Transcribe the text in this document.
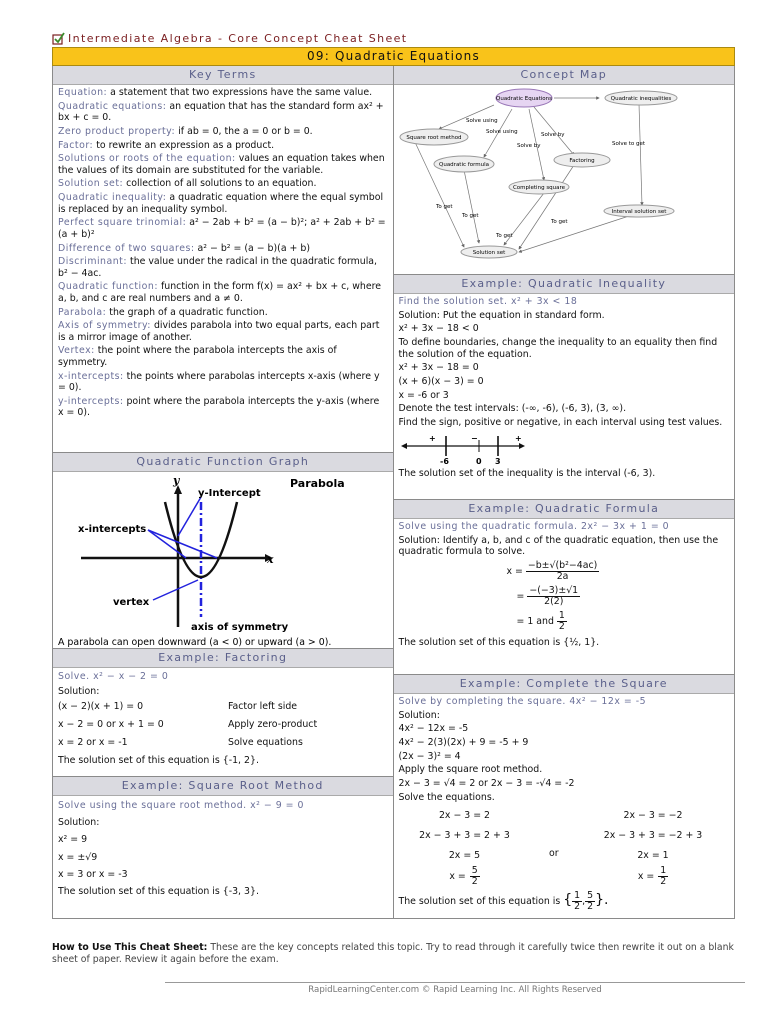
Intermediate Algebra - Core Concept Cheat Sheet
09: Quadratic Equations
Key Terms

Equation: a statement that two expressions have the same value.

Quadratic equations: an equation that has the standard form ax² + bx + c = 0.

Zero product property: if ab = 0, the a = 0 or b = 0.

Factor: to rewrite an expression as a product.

Solutions or roots of the equation: values an equation takes when the values of its domain are substituted for the variable.

Solution set: collection of all solutions to an equation.

Quadratic inequality: a quadratic equation where the equal symbol is replaced by an inequality symbol.

Perfect square trinomial: a² − 2ab + b² = (a − b)²; a² + 2ab + b² = (a + b)²

Difference of two squares: a² − b² = (a − b)(a + b)

Discriminant: the value under the radical in the quadratic formula, b² − 4ac.

Quadratic function: function in the form f(x) = ax² + bx + c, where a, b, and c are real numbers and a ≠ 0.

Parabola: the graph of a quadratic function.

Axis of symmetry: divides parabola into two equal parts, each part is a mirror image of another.

Vertex: the point where the parabola intercepts the axis of symmetry.

x-intercepts: the points where parabolas intercepts x-axis (where y = 0).

y-intercepts: point where the parabola intercepts the y-axis (where x = 0).

Quadratic Function Graph
Parabola
x
y
y-Intercept
x-intercepts
vertex
axis of symmetry
A parabola can open downward (a < 0) or upward (a > 0).
Example: Factoring

Solve. x² − x − 2 = 0

Solution:

(x − 2)(x + 1) = 0	Factor left side
x − 2 = 0 or x + 1 = 0	Apply zero-product
x = 2 or x = -1	Solve equations

The solution set of this equation is {-1, 2}.

Example: Square Root Method

Solve using the square root method. x² − 9 = 0

Solution:

x² = 9

x = ±√9

x = 3 or x = -3

The solution set of this equation is {-3, 3}.

Concept Map
Quadratic Equations	Quadratic inequalities
Square root method
Quadratic formula
Factoring
Completing square
Interval solution set
Solution set
Solve using
Solve using	Solve by
Solve by	Solve to get
To get
To get
To get
To get
Example: Quadratic Inequality

Find the solution set. x² + 3x < 18

Solution: Put the equation in standard form.

x² + 3x − 18 < 0

To define boundaries, change the inequality to an equality then find the solution of the equation.

x² + 3x − 18 = 0

(x + 6)(x − 3) = 0

x = -6 or 3

Denote the test intervals: (-∞, -6), (-6, 3), (3, ∞).

Find the sign, positive or negative, in each interval using test values.

+	−	+
-6	0 3

The solution set of the inequality is the interval (-6, 3).

Example: Quadratic Formula

Solve using the quadratic formula. 2x² − 3x + 1 = 0

Solution: Identify a, b, and c of the quadratic equation, then use the quadratic formula to solve.

$x = \frac{\text{−b±√(b²−4ac)}}{2a}$
= $\frac{-(-3)\pm√1}{2(2)}$
= 1 and $\frac{1}{2}$

The solution set of this equation is {½, 1}.

Example: Complete the Square

Solve by completing the square. 4x² − 12x = -5

Solution:

4x² − 12x = -5

4x² − 2(3)(2x) + 9 = -5 + 9

(2x − 3)² = 4

Apply the square root method.

2x − 3 = √4 = 2 or 2x − 3 = -√4 = -2

Solve the equations.

2x − 3 = 2
2x − 3 + 3 = 2 + 3
2x = 5
$x = \frac{5}{2}$
or
2x − 3 = −2
2x − 3 + 3 = −2 + 3
2x = 1
$x = \frac{1}{2}$

The solution set of this equation is { $\frac{1}{2}$ , $\frac{5}{2}$ }.

How to Use This Cheat Sheet: These are the key concepts related this topic. Try to read through it carefully twice then rewrite it out on a blank sheet of paper. Review it again before the exam.
RapidLearningCenter.com © Rapid Learning Inc. All Rights Reserved
